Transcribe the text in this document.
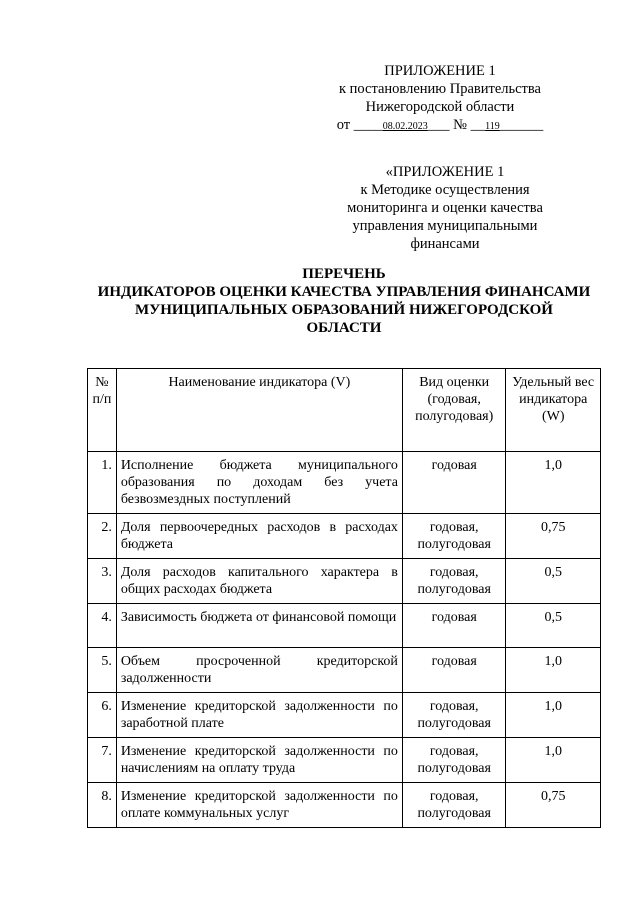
ПРИЛОЖЕНИЕ 1
к постановлению Правительства
Нижегородской области
от ____08.02.2023___ № __119______
«ПРИЛОЖЕНИЕ 1
к Методике осуществления
мониторинга и оценки качества
управления муниципальными
финансами
ПЕРЕЧЕНЬ
ИНДИКАТОРОВ ОЦЕНКИ КАЧЕСТВА УПРАВЛЕНИЯ ФИНАНСАМИ
МУНИЦИПАЛЬНЫХ ОБРАЗОВАНИЙ НИЖЕГОРОДСКОЙ
ОБЛАСТИ
№ п/п	Наименование индикатора (V)	Вид оценки (годовая, полугодовая)	Удельный вес индикатора (W)
1.	Исполнение бюджета муниципального образования по доходам без учета безвозмездных поступлений	годовая	1,0
2.	Доля первоочередных расходов в расходах бюджета	годовая, полугодовая	0,75
3.	Доля расходов капитального характера в общих расходах бюджета	годовая, полугодовая	0,5
4.	Зависимость бюджета от финансовой помощи	годовая	0,5
5.	Объем просроченной кредиторской задолженности	годовая	1,0
6.	Изменение кредиторской задолженности по заработной плате	годовая, полугодовая	1,0
7.	Изменение кредиторской задолженности по начислениям на оплату труда	годовая, полугодовая	1,0
8.	Изменение кредиторской задолженности по оплате коммунальных услуг	годовая, полугодовая	0,75
